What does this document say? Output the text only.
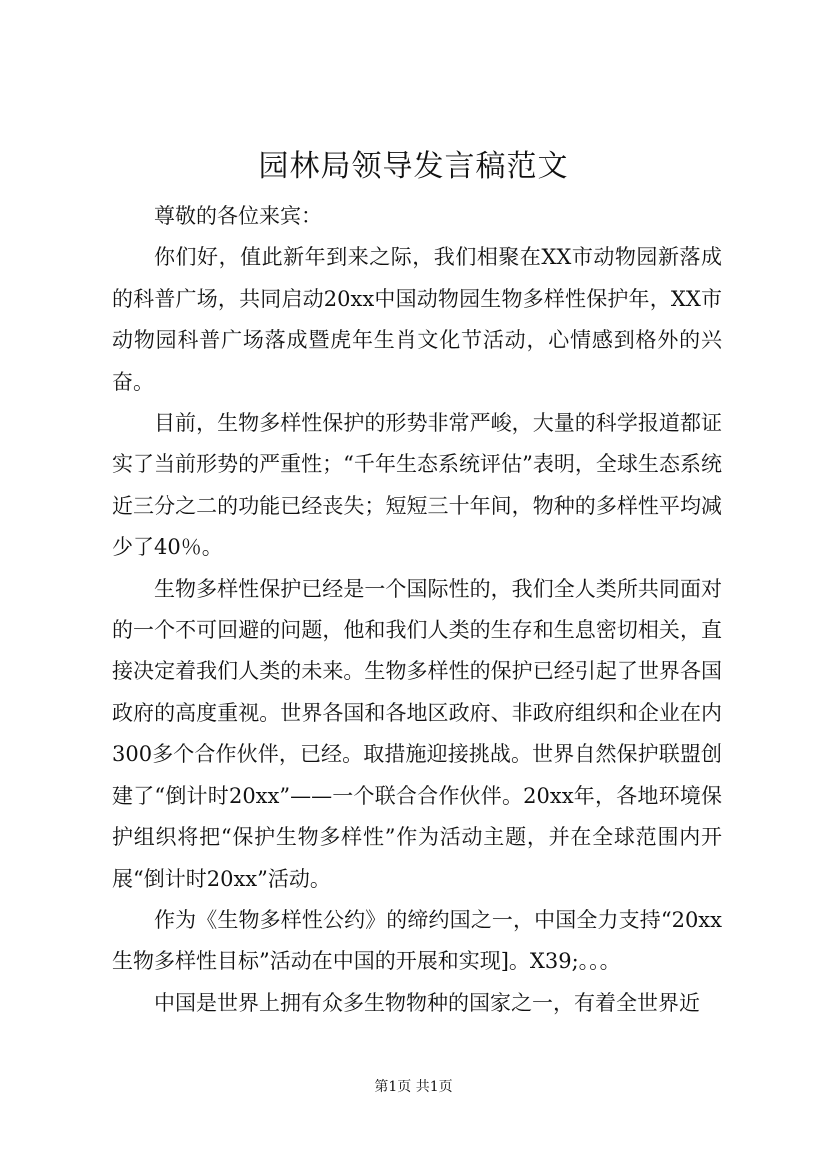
园林局领导发言稿范文

尊敬的各位来宾：

你们好，值此新年到来之际，我们相聚在XX市动物园新落成的科普广场，共同启动20xx中国动物园生物多样性保护年，XX市动物园科普广场落成暨虎年生肖文化节活动，心情感到格外的兴奋。

目前，生物多样性保护的形势非常严峻，大量的科学报道都证实了当前形势的严重性；“千年生态系统评估”表明，全球生态系统近三分之二的功能已经丧失；短短三十年间，物种的多样性平均减少了40％。

生物多样性保护已经是一个国际性的，我们全人类所共同面对的一个不可回避的问题，他和我们人类的生存和生息密切相关，直接决定着我们人类的未来。生物多样性的保护已经引起了世界各国政府的高度重视。世界各国和各地区政府、非政府组织和企业在内300多个合作伙伴，已经。取措施迎接挑战。世界自然保护联盟创建了“倒计时20xx”——一个联合合作伙伴。20xx年，各地环境保护组织将把“保护生物多样性”作为活动主题，并在全球范围内开展“倒计时20xx”活动。

作为《生物多样性公约》的缔约国之一，中国全力支持“20xx生物多样性目标”活动在中国的开展和实现]。X39;。。。

中国是世界上拥有众多生物物种的国家之一，有着全世界近

第1页 共1页
